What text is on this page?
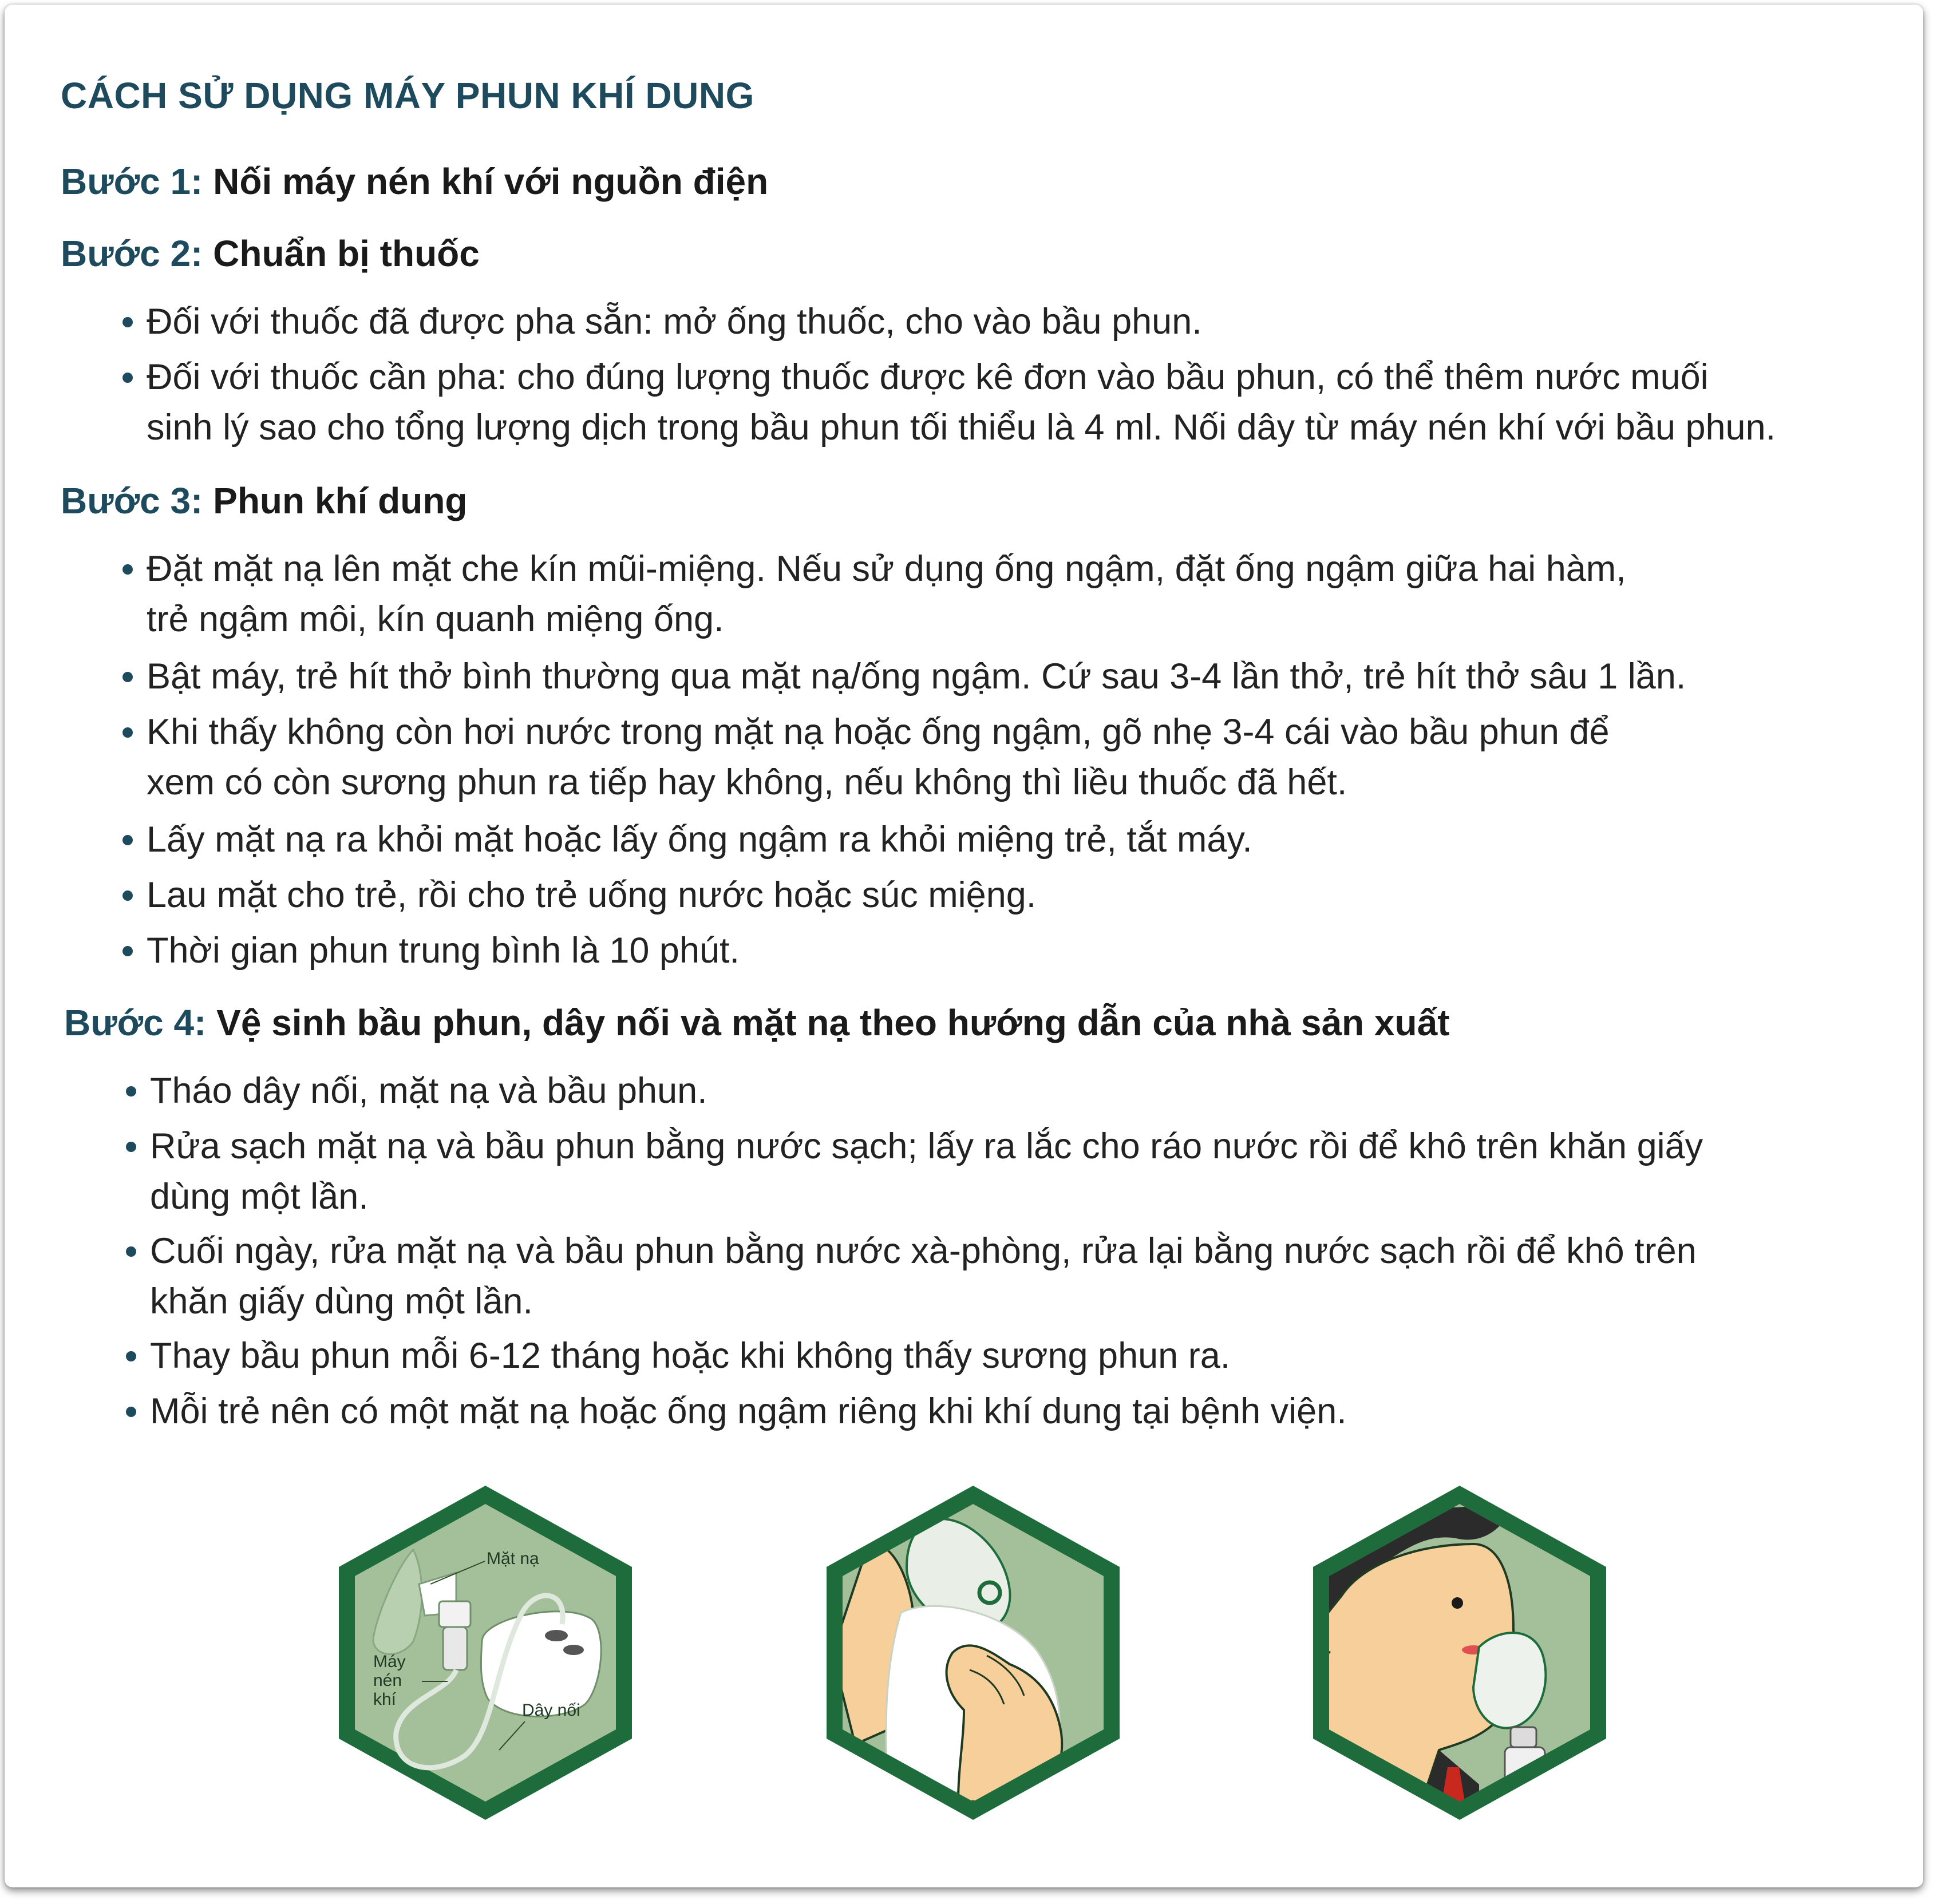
CÁCH SỬ DỤNG MÁY PHUN KHÍ DUNG
Bước 1: Nối máy nén khí với nguồn điện
Bước 2: Chuẩn bị thuốc
Đối với thuốc đã được pha sẵn: mở ống thuốc, cho vào bầu phun.
Đối với thuốc cần pha: cho đúng lượng thuốc được kê đơn vào bầu phun, có thể thêm nước muối
sinh lý sao cho tổng lượng dịch trong bầu phun tối thiểu là 4 ml. Nối dây từ máy nén khí với bầu phun.
Bước 3: Phun khí dung
Đặt mặt nạ lên mặt che kín mũi-miệng. Nếu sử dụng ống ngậm, đặt ống ngậm giữa hai hàm,
trẻ ngậm môi, kín quanh miệng ống.
Bật máy, trẻ hít thở bình thường qua mặt nạ/ống ngậm. Cứ sau 3-4 lần thở, trẻ hít thở sâu 1 lần.
Khi thấy không còn hơi nước trong mặt nạ hoặc ống ngậm, gõ nhẹ 3-4 cái vào bầu phun để
xem có còn sương phun ra tiếp hay không, nếu không thì liều thuốc đã hết.
Lấy mặt nạ ra khỏi mặt hoặc lấy ống ngậm ra khỏi miệng trẻ, tắt máy.
Lau mặt cho trẻ, rồi cho trẻ uống nước hoặc súc miệng.
Thời gian phun trung bình là 10 phút.
Bước 4: Vệ sinh bầu phun, dây nối và mặt nạ theo hướng dẫn của nhà sản xuất
Tháo dây nối, mặt nạ và bầu phun.
Rửa sạch mặt nạ và bầu phun bằng nước sạch; lấy ra lắc cho ráo nước rồi để khô trên khăn giấy
dùng một lần.
Cuối ngày, rửa mặt nạ và bầu phun bằng nước xà-phòng, rửa lại bằng nước sạch rồi để khô trên
khăn giấy dùng một lần.
Thay bầu phun mỗi 6-12 tháng hoặc khi không thấy sương phun ra.
Mỗi trẻ nên có một mặt nạ hoặc ống ngậm riêng khi khí dung tại bệnh viện.
Mặt nạ
Máy
nén
khí
Dây nối
